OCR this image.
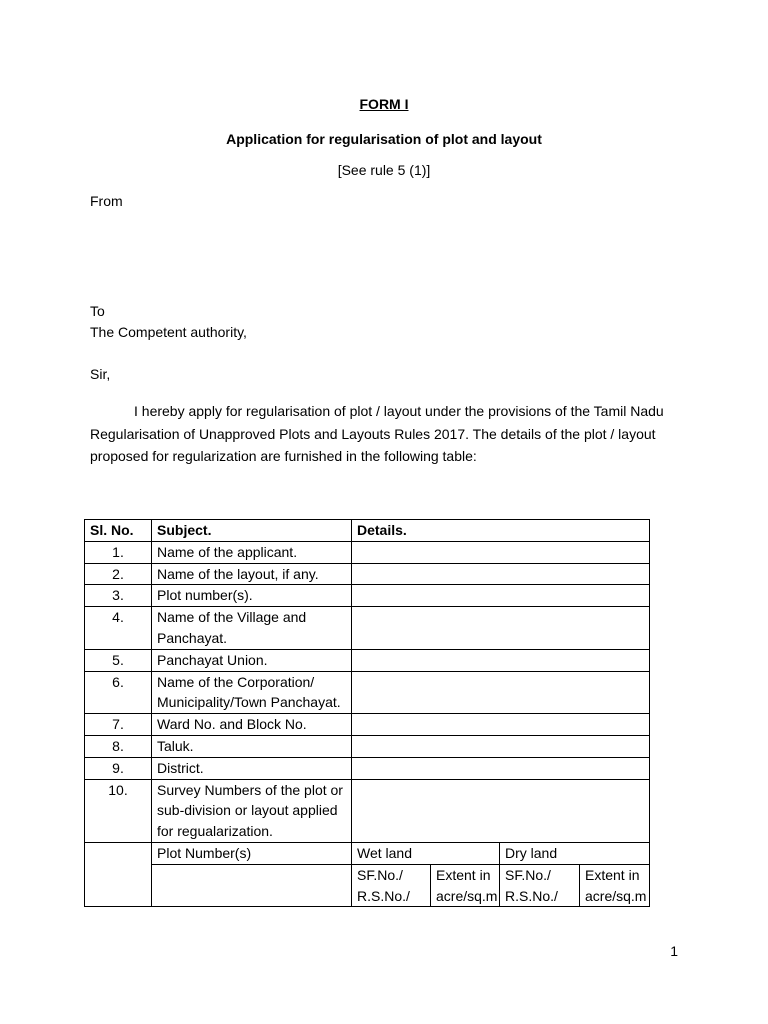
FORM I
Application for regularisation of plot and layout
[See rule 5 (1)]
From
To
The Competent authority,
Sir,

I hereby apply for regularisation of plot / layout under the provisions of the Tamil Nadu Regularisation of Unapproved Plots and Layouts Rules 2017. The details of the plot / layout proposed for regularization are furnished in the following table:

Sl. No.	Subject.	Details.			
1.	Name of the applicant.				
2.	Name of the layout, if any.				
3.	Plot number(s).				
4.	Name of the Village and Panchayat.				
5.	Panchayat Union.				
6.	Name of the Corporation/ Municipality/Town Panchayat.				
7.	Ward No. and Block No.				
8.	Taluk.				
9.	District.				
10.	Survey Numbers of the plot or sub-division or layout applied for regualarization.				
	Plot Number(s)	Wet land		Dry land	
		SF.No./ R.S.No./	Extent in acre/sq.m	SF.No./ R.S.No./	Extent in acre/sq.m
1
